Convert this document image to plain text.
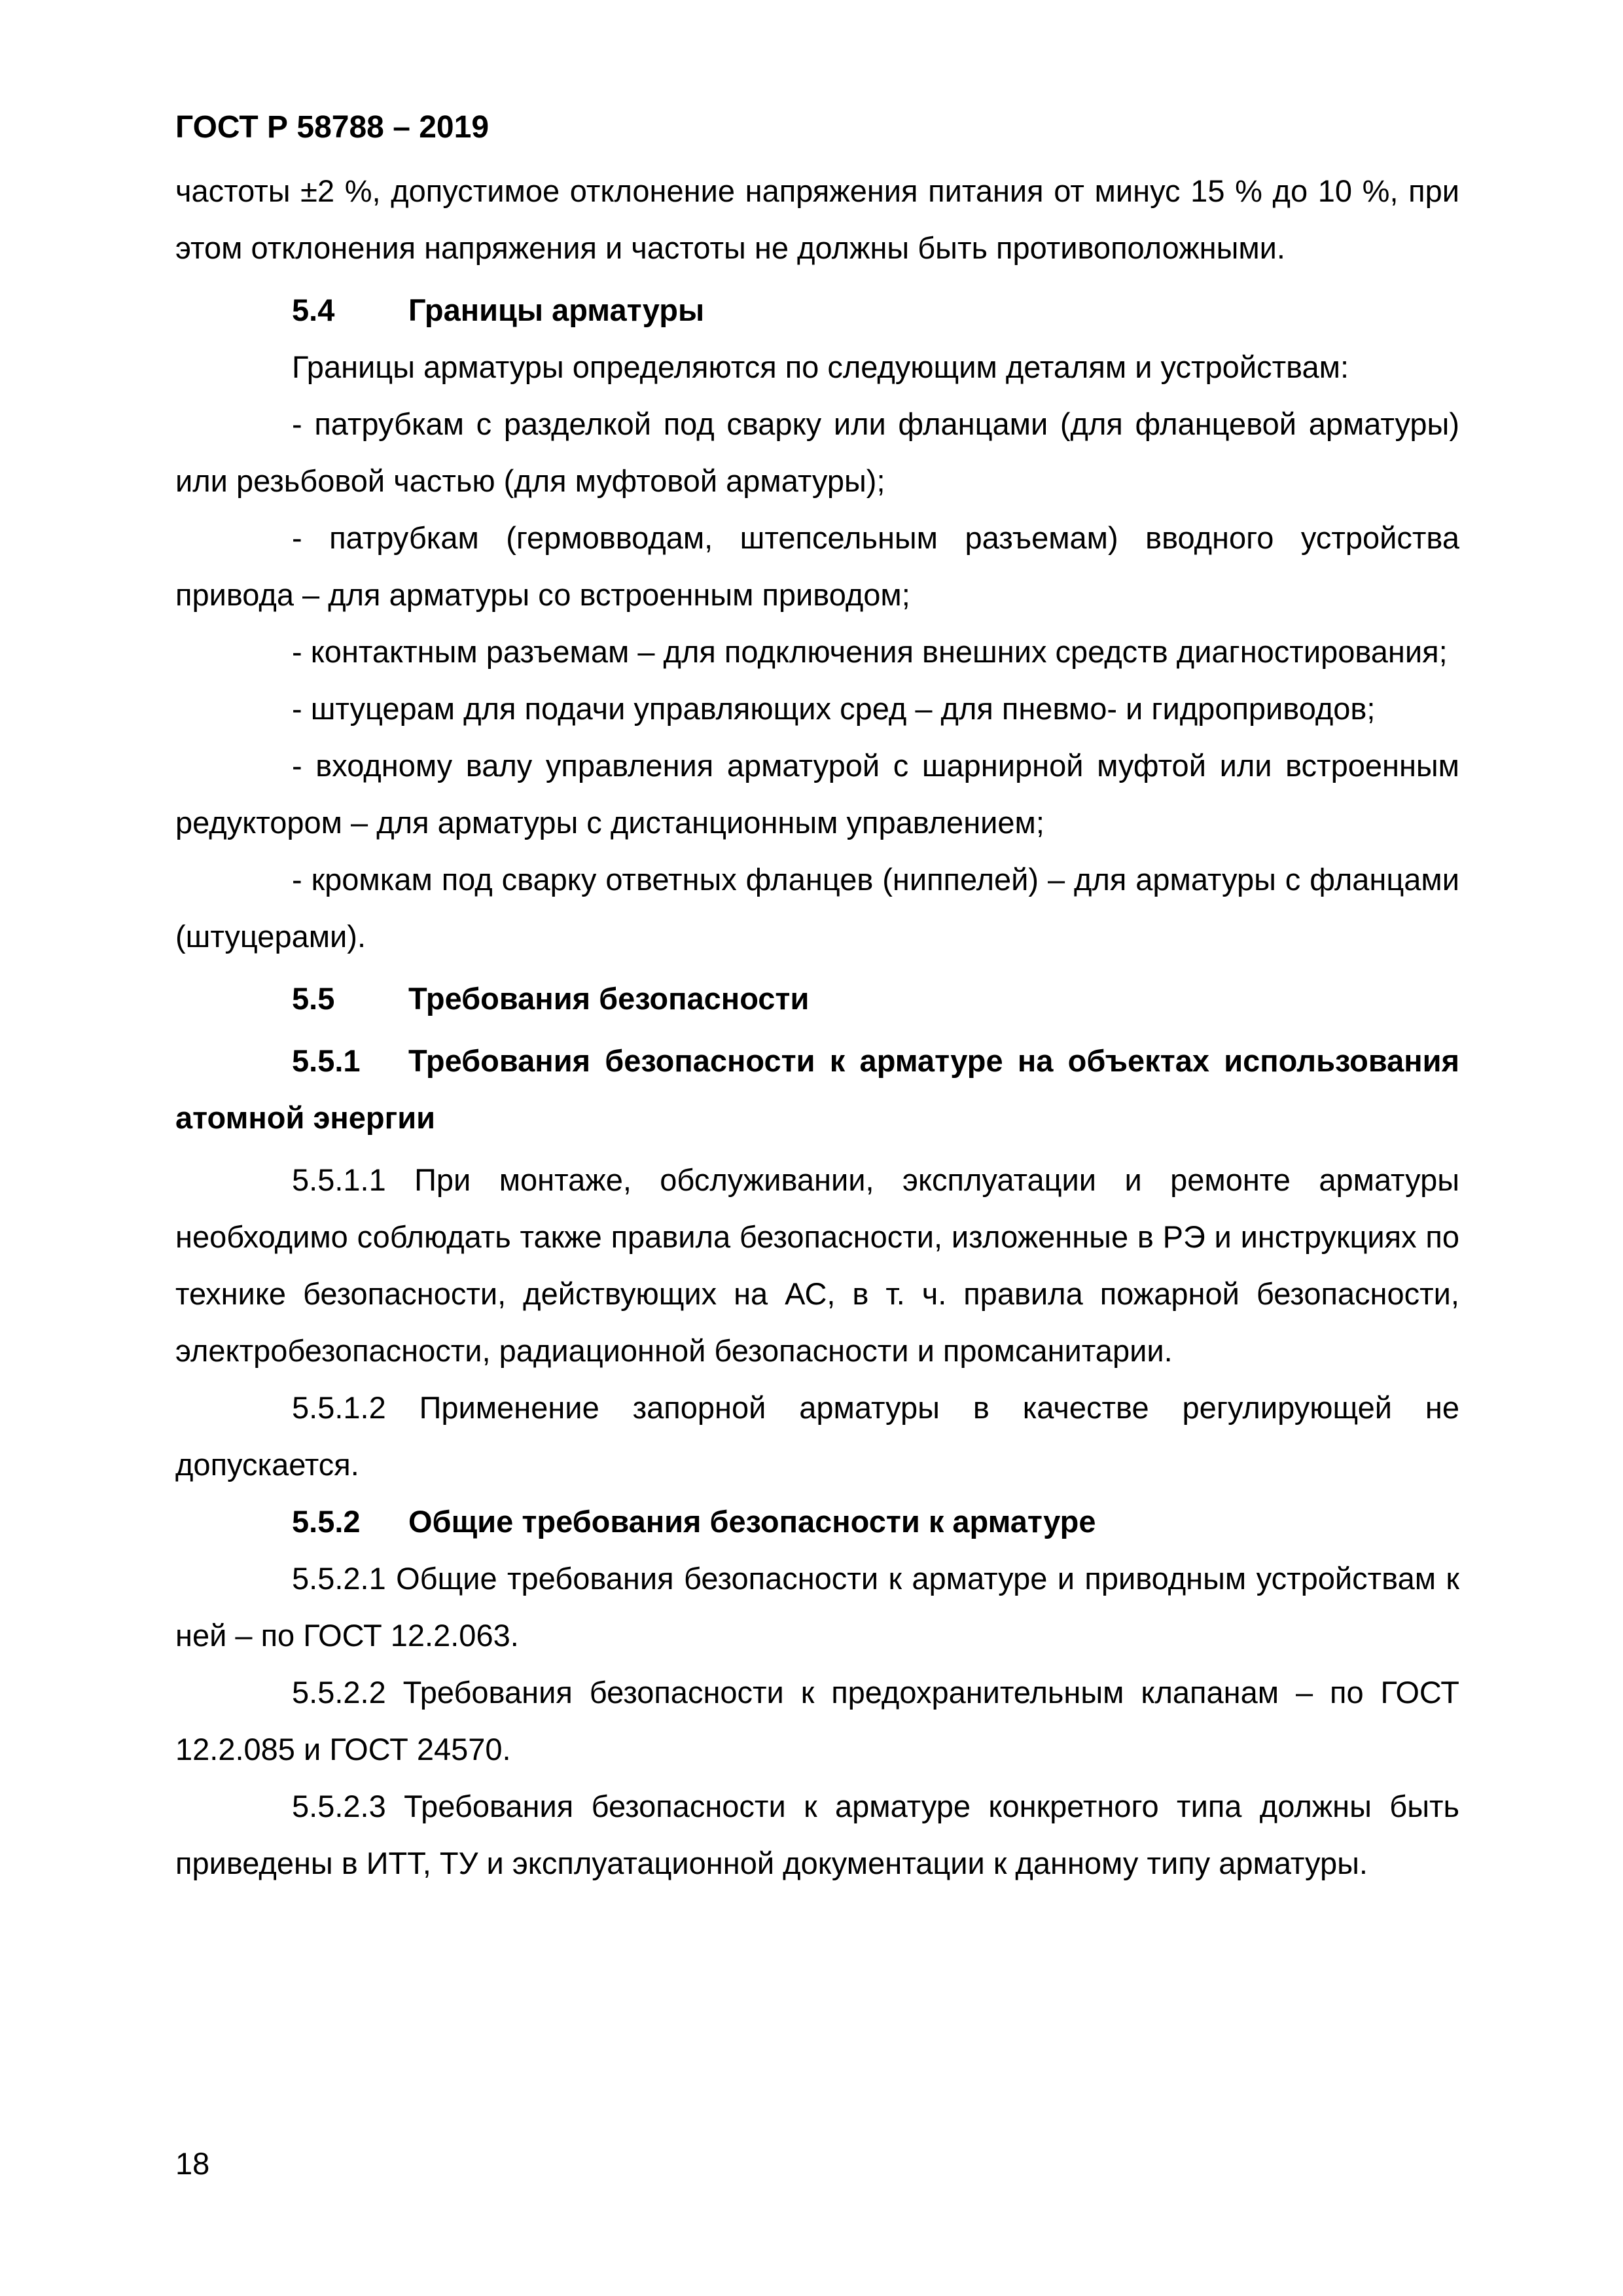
ГОСТ Р 58788 – 2019

частоты ±2 %, допустимое отклонение напряжения питания от минус 15 % до 10 %, при этом отклонения напряжения и частоты не должны быть противоположными.

5.4 Границы арматуры

Границы арматуры определяются по следующим деталям и устройствам:

- патрубкам с разделкой под сварку или фланцами (для фланцевой арматуры) или резьбовой частью (для муфтовой арматуры);

- патрубкам (гермовводам, штепсельным разъемам) вводного устройства привода – для арматуры со встроенным приводом;

- контактным разъемам – для подключения внешних средств диагностирования;

- штуцерам для подачи управляющих сред – для пневмо- и гидроприводов;

- входному валу управления арматурой с шарнирной муфтой или встроенным редуктором – для арматуры с дистанционным управлением;

- кромкам под сварку ответных фланцев (ниппелей) – для арматуры с фланцами (штуцерами).

5.5 Требования безопасности

5.5.1 Требования безопасности к арматуре на объектах использования атомной энергии

5.5.1.1 При монтаже, обслуживании, эксплуатации и ремонте арматуры необходимо соблюдать также правила безопасности, изложенные в РЭ и инструкциях по технике безопасности, действующих на АС, в т. ч. правила пожарной безопасности, электробезопасности, радиационной безопасности и промсанитарии.

5.5.1.2 Применение запорной арматуры в качестве регулирующей не допускается.

5.5.2 Общие требования безопасности к арматуре

5.5.2.1 Общие требования безопасности к арматуре и приводным устройствам к ней – по ГОСТ 12.2.063.

5.5.2.2 Требования безопасности к предохранительным клапанам – по ГОСТ 12.2.085 и ГОСТ 24570.

5.5.2.3 Требования безопасности к арматуре конкретного типа должны быть приведены в ИТТ, ТУ и эксплуатационной документации к данному типу арматуры.

18
